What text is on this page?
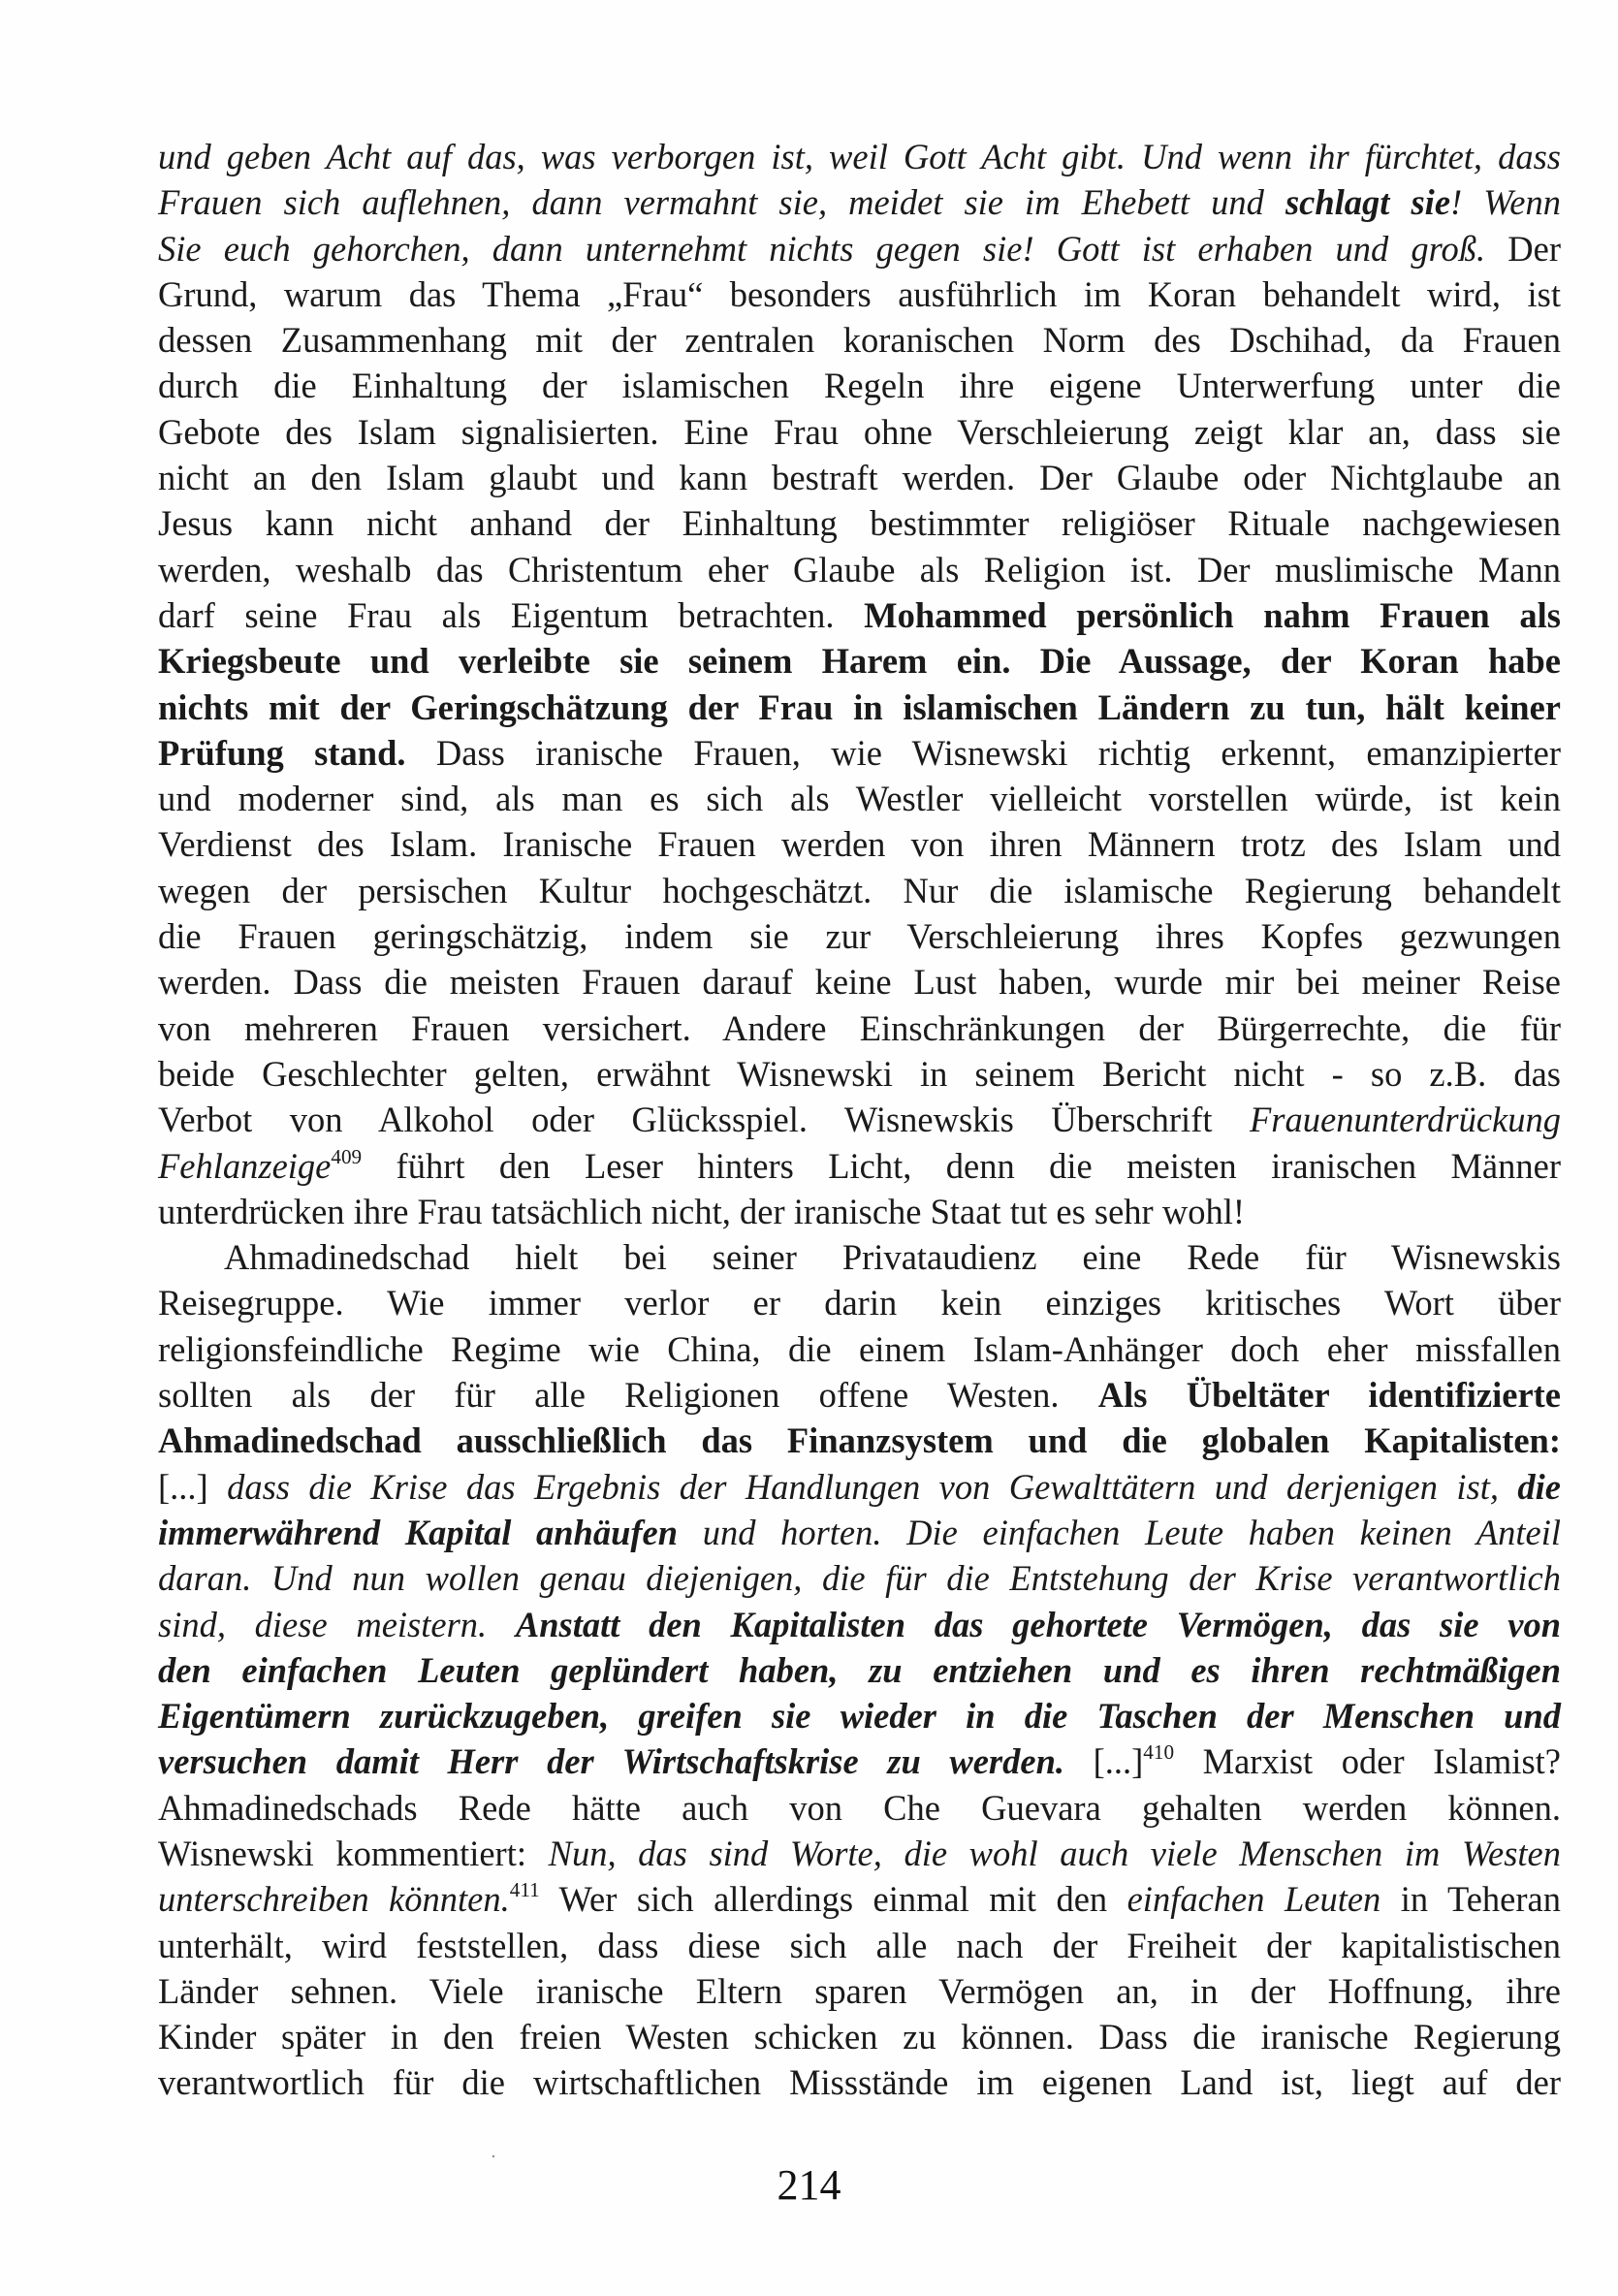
und geben Acht auf das, was verborgen ist, weil Gott Acht gibt. Und wenn ihr fürchtet, dass
Frauen sich auflehnen, dann vermahnt sie, meidet sie im Ehebett und schlagt sie! Wenn
Sie euch gehorchen, dann unternehmt nichts gegen sie! Gott ist erhaben und groß. Der
Grund, warum das Thema „Frau“ besonders ausführlich im Koran behandelt wird, ist
dessen Zusammenhang mit der zentralen koranischen Norm des Dschihad, da Frauen
durch die Einhaltung der islamischen Regeln ihre eigene Unterwerfung unter die
Gebote des Islam signalisierten. Eine Frau ohne Verschleierung zeigt klar an, dass sie
nicht an den Islam glaubt und kann bestraft werden. Der Glaube oder Nichtglaube an
Jesus kann nicht anhand der Einhaltung bestimmter religiöser Rituale nachgewiesen
werden, weshalb das Christentum eher Glaube als Religion ist. Der muslimische Mann
darf seine Frau als Eigentum betrachten. Mohammed persönlich nahm Frauen als
Kriegsbeute und verleibte sie seinem Harem ein. Die Aussage, der Koran habe
nichts mit der Geringschätzung der Frau in islamischen Ländern zu tun, hält keiner
Prüfung stand. Dass iranische Frauen, wie Wisnewski richtig erkennt, emanzipierter
und moderner sind, als man es sich als Westler vielleicht vorstellen würde, ist kein
Verdienst des Islam. Iranische Frauen werden von ihren Männern trotz des Islam und
wegen der persischen Kultur hochgeschätzt. Nur die islamische Regierung behandelt
die Frauen geringschätzig, indem sie zur Verschleierung ihres Kopfes gezwungen
werden. Dass die meisten Frauen darauf keine Lust haben, wurde mir bei meiner Reise
von mehreren Frauen versichert. Andere Einschränkungen der Bürgerrechte, die für
beide Geschlechter gelten, erwähnt Wisnewski in seinem Bericht nicht - so z.B. das
Verbot von Alkohol oder Glücksspiel. Wisnewskis Überschrift Frauenunterdrückung
Fehlanzeige$^{409}$ führt den Leser hinters Licht, denn die meisten iranischen Männer
unterdrücken ihre Frau tatsächlich nicht, der iranische Staat tut es sehr wohl!
Ahmadinedschad hielt bei seiner Privataudienz eine Rede für Wisnewskis
Reisegruppe. Wie immer verlor er darin kein einziges kritisches Wort über
religionsfeindliche Regime wie China, die einem Islam-Anhänger doch eher missfallen
sollten als der für alle Religionen offene Westen. Als Übeltäter identifizierte
Ahmadinedschad ausschließlich das Finanzsystem und die globalen Kapitalisten:
[...] dass die Krise das Ergebnis der Handlungen von Gewalttätern und derjenigen ist, die
immerwährend Kapital anhäufen und horten. Die einfachen Leute haben keinen Anteil
daran. Und nun wollen genau diejenigen, die für die Entstehung der Krise verantwortlich
sind, diese meistern. Anstatt den Kapitalisten das gehortete Vermögen, das sie von
den einfachen Leuten geplündert haben, zu entziehen und es ihren rechtmäßigen
Eigentümern zurückzugeben, greifen sie wieder in die Taschen der Menschen und
versuchen damit Herr der Wirtschaftskrise zu werden. [...]$^{410}$ Marxist oder Islamist?
Ahmadinedschads Rede hätte auch von Che Guevara gehalten werden können.
Wisnewski kommentiert: Nun, das sind Worte, die wohl auch viele Menschen im Westen
unterschreiben könnten.$^{411}$ Wer sich allerdings einmal mit den einfachen Leuten in Teheran
unterhält, wird feststellen, dass diese sich alle nach der Freiheit der kapitalistischen
Länder sehnen. Viele iranische Eltern sparen Vermögen an, in der Hoffnung, ihre
Kinder später in den freien Westen schicken zu können. Dass die iranische Regierung
verantwortlich für die wirtschaftlichen Missstände im eigenen Land ist, liegt auf der
214
